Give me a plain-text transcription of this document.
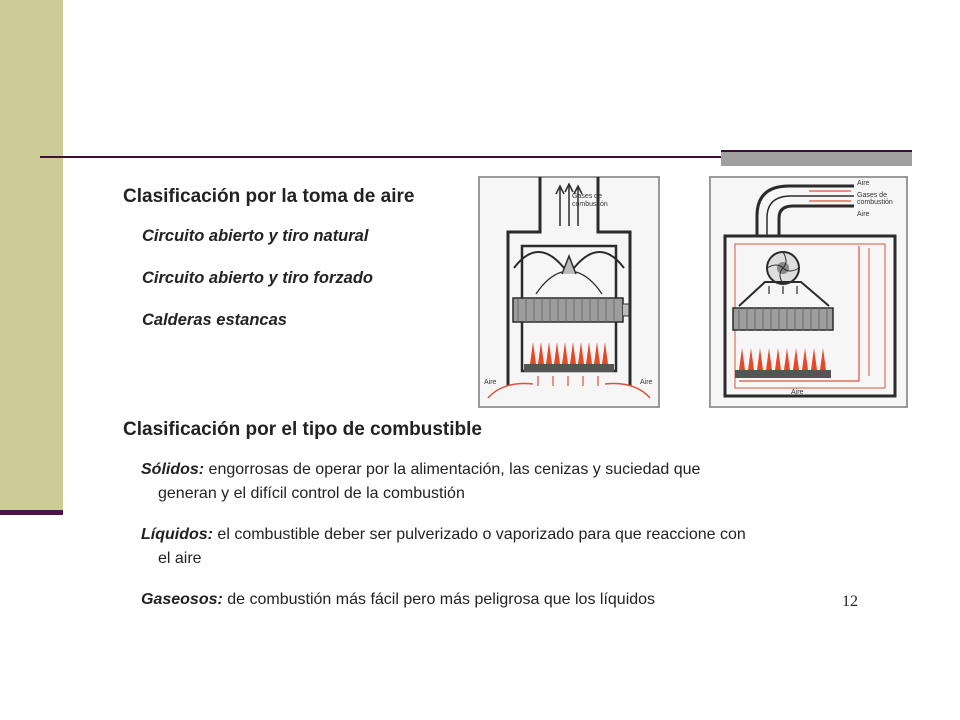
Clasificación por la toma de aire
Circuito abierto y tiro natural
Circuito abierto y tiro forzado
Calderas estancas
Clasificación por el tipo de combustible
Sólidos: engorrosas de operar por la alimentación, las cenizas y suciedad que
generan y el difícil control de la combustión
Líquidos: el combustible deber ser pulverizado o vaporizado para que reaccione con
el aire
Gaseosos: de combustión más fácil pero más peligrosa que los líquidos	12
Gases de
combustión
Aire	Aire
Aire
Gases de
combustión
Aire
Aire
